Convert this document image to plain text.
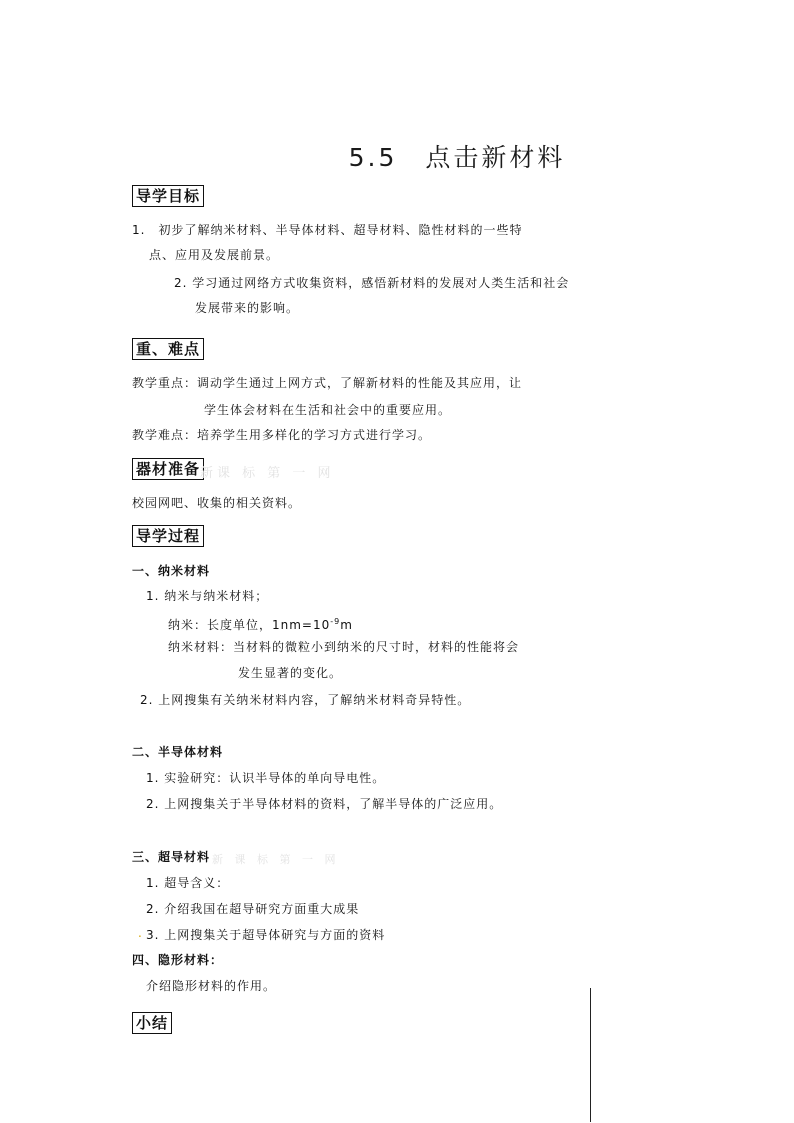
5.5　点击新材料
导学目标
1.　初步了解纳米材料、半导体材料、超导材料、隐性材料的一些特
点、应用及发展前景。
2. 学习通过网络方式收集资料，感悟新材料的发展对人类生活和社会
发展带来的影响。
重、难点
教学重点：调动学生通过上网方式，了解新材料的性能及其应用，让
学生体会材料在生活和社会中的重要应用。
教学难点：培养学生用多样化的学习方式进行学习。
器材准备 新课 标 第 一 网
校园网吧、收集的相关资料。
导学过程
一、纳米材料
1. 纳米与纳米材料；
纳米：长度单位，$1nm=10^{-9}m$
纳米材料：当材料的微粒小到纳米的尺寸时，材料的性能将会
发生显著的变化。
2. 上网搜集有关纳米材料内容，了解纳米材料奇异特性。
二、半导体材料
1. 实验研究：认识半导体的单向导电性。
2. 上网搜集关于半导体材料的资料，了解半导体的广泛应用。
三、超导材料 新 课 标 第 一 网
1. 超导含义：
2. 介绍我国在超导研究方面重大成果
. 3. 上网搜集关于超导体研究与方面的资料
四、隐形材料：
介绍隐形材料的作用。
小结
